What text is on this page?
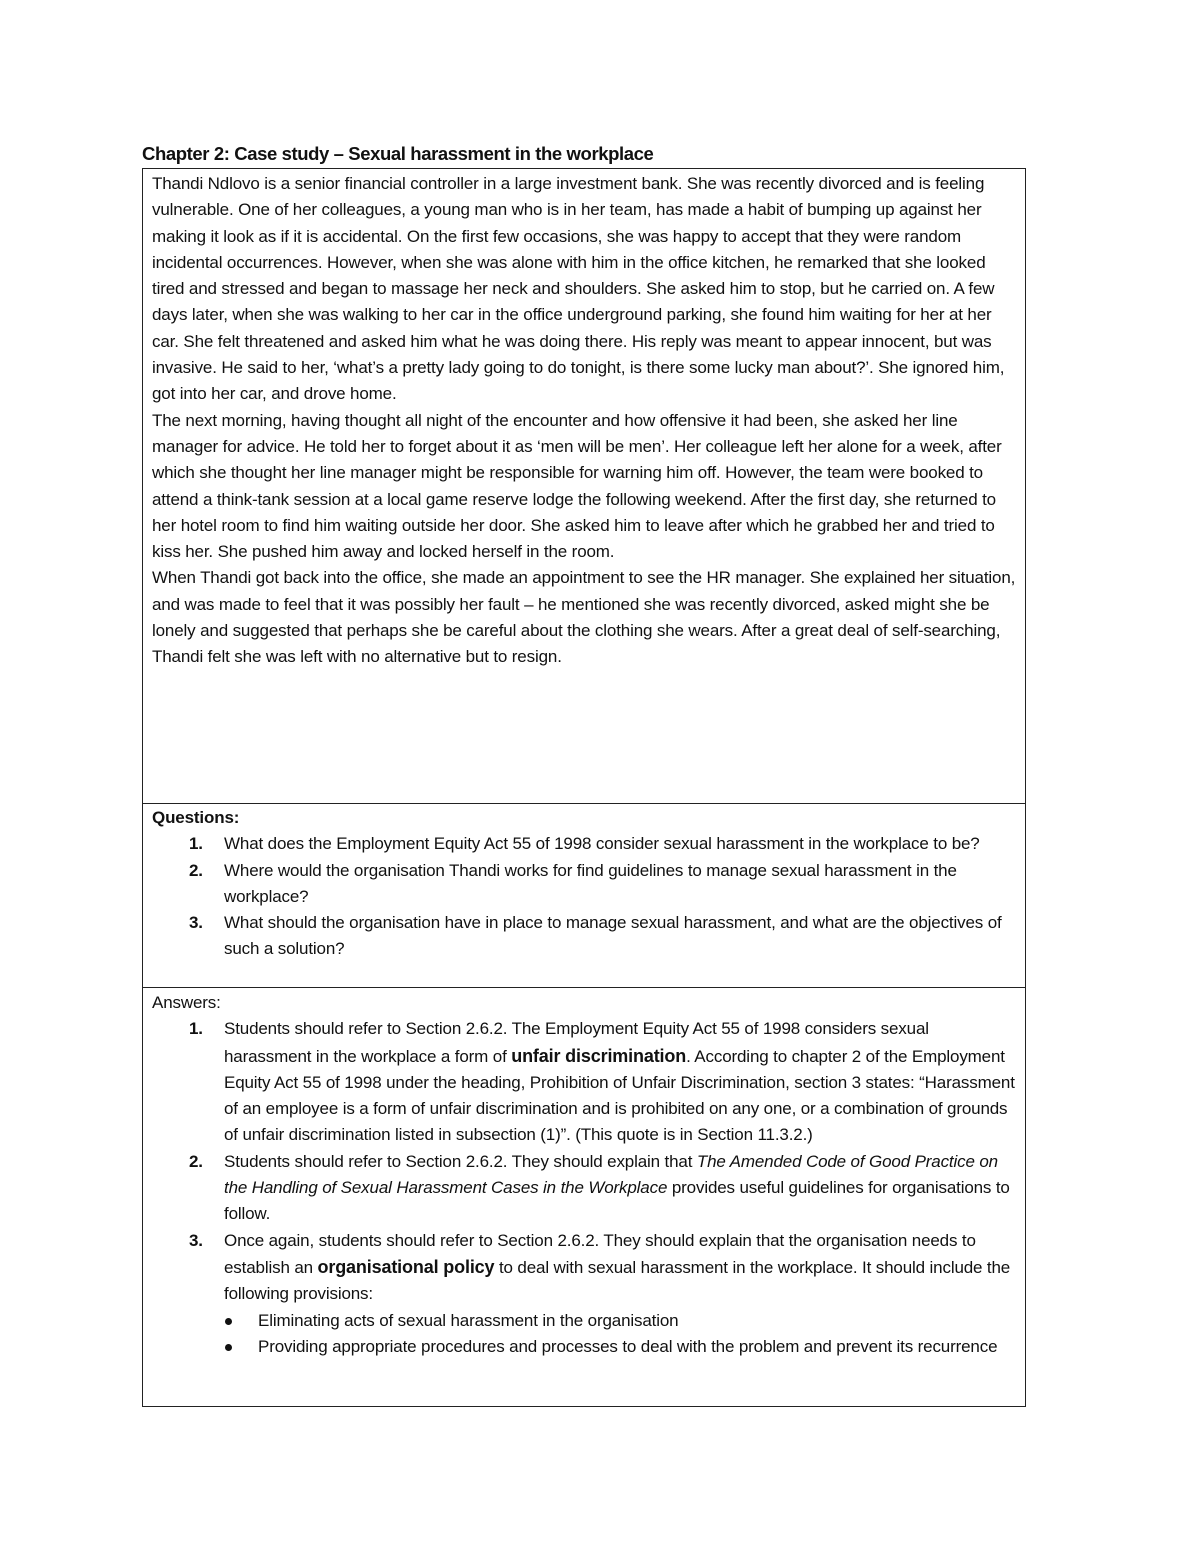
Chapter 2: Case study – Sexual harassment in the workplace

Thandi Ndlovo is a senior financial controller in a large investment bank. She was recently divorced and is feeling vulnerable. One of her colleagues, a young man who is in her team, has made a habit of bumping up against her making it look as if it is accidental. On the first few occasions, she was happy to accept that they were random incidental occurrences. However, when she was alone with him in the office kitchen, he remarked that she looked tired and stressed and began to massage her neck and shoulders. She asked him to stop, but he carried on. A few days later, when she was walking to her car in the office underground parking, she found him waiting for her at her car. She felt threatened and asked him what he was doing there. His reply was meant to appear innocent, but was invasive. He said to her, ‘what’s a pretty lady going to do tonight, is there some lucky man about?’. She ignored him, got into her car, and drove home.

The next morning, having thought all night of the encounter and how offensive it had been, she asked her line manager for advice. He told her to forget about it as ‘men will be men’. Her colleague left her alone for a week, after which she thought her line manager might be responsible for warning him off. However, the team were booked to attend a think-tank session at a local game reserve lodge the following weekend. After the first day, she returned to her hotel room to find him waiting outside her door. She asked him to leave after which he grabbed her and tried to kiss her. She pushed him away and locked herself in the room.

When Thandi got back into the office, she made an appointment to see the HR manager. She explained her situation, and was made to feel that it was possibly her fault – he mentioned she was recently divorced, asked might she be lonely and suggested that perhaps she be careful about the clothing she wears. After a great deal of self-searching, Thandi felt she was left with no alternative but to resign.

Questions:

1. What does the Employment Equity Act 55 of 1998 consider sexual harassment in the workplace to be?
2. Where would the organisation Thandi works for find guidelines to manage sexual harassment in the workplace?
3. What should the organisation have in place to manage sexual harassment, and what are the objectives of such a solution?

Answers:

1. Students should refer to Section 2.6.2. The Employment Equity Act 55 of 1998 considers sexual harassment in the workplace a form of unfair discrimination. According to chapter 2 of the Employment Equity Act 55 of 1998 under the heading, Prohibition of Unfair Discrimination, section 3 states: “Harassment of an employee is a form of unfair discrimination and is prohibited on any one, or a combination of grounds of unfair discrimination listed in subsection (1)”. (This quote is in Section 11.3.2.)
2. Students should refer to Section 2.6.2. They should explain that The Amended Code of Good Practice on the Handling of Sexual Harassment Cases in the Workplace provides useful guidelines for organisations to follow.
3. Once again, students should refer to Section 2.6.2. They should explain that the organisation needs to establish an organisational policy to deal with sexual harassment in the workplace. It should include the following provisions:
Eliminating acts of sexual harassment in the organisation
Providing appropriate procedures and processes to deal with the problem and prevent its recurrence
